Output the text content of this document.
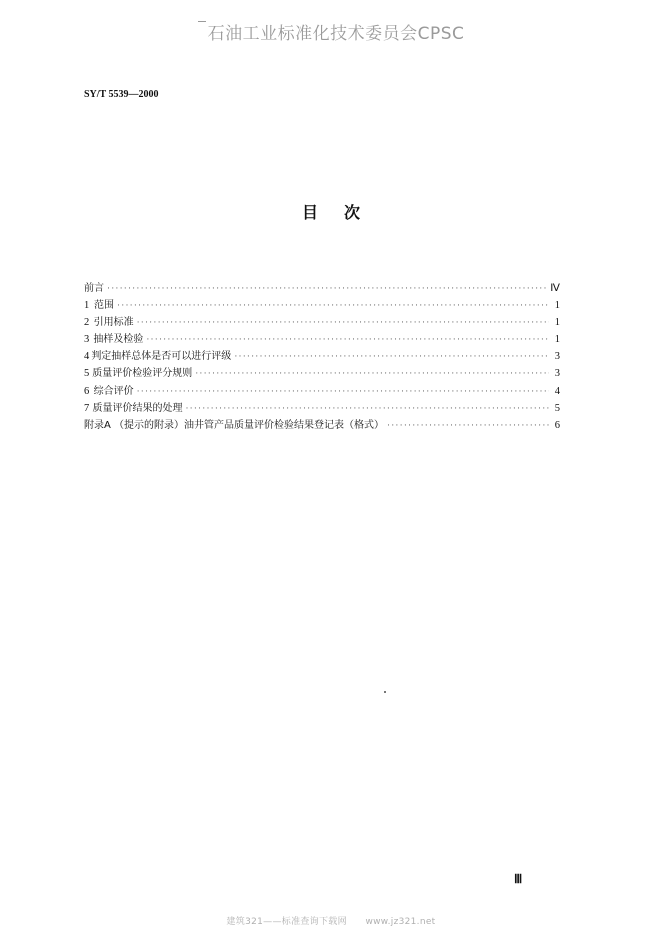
石油工业标准化技术委员会CPSC
SY/T 5539—2000
目 次
前言 ·····	Ⅳ
1 范围 ·····	1
2 引用标准 ·····	1
3 抽样及检验 ·····	1
4 判定抽样总体是否可以进行评级 ·····	3
5 质量评价检验评分规则 ·····	3
6 综合评价 ·····	4
7 质量评价结果的处理 ·····	5
附录A （提示的附录）油井管产品质量评价检验结果登记表（格式） ·····	6
Ⅲ
建筑321——标准查询下载网　　www.jz321.net
